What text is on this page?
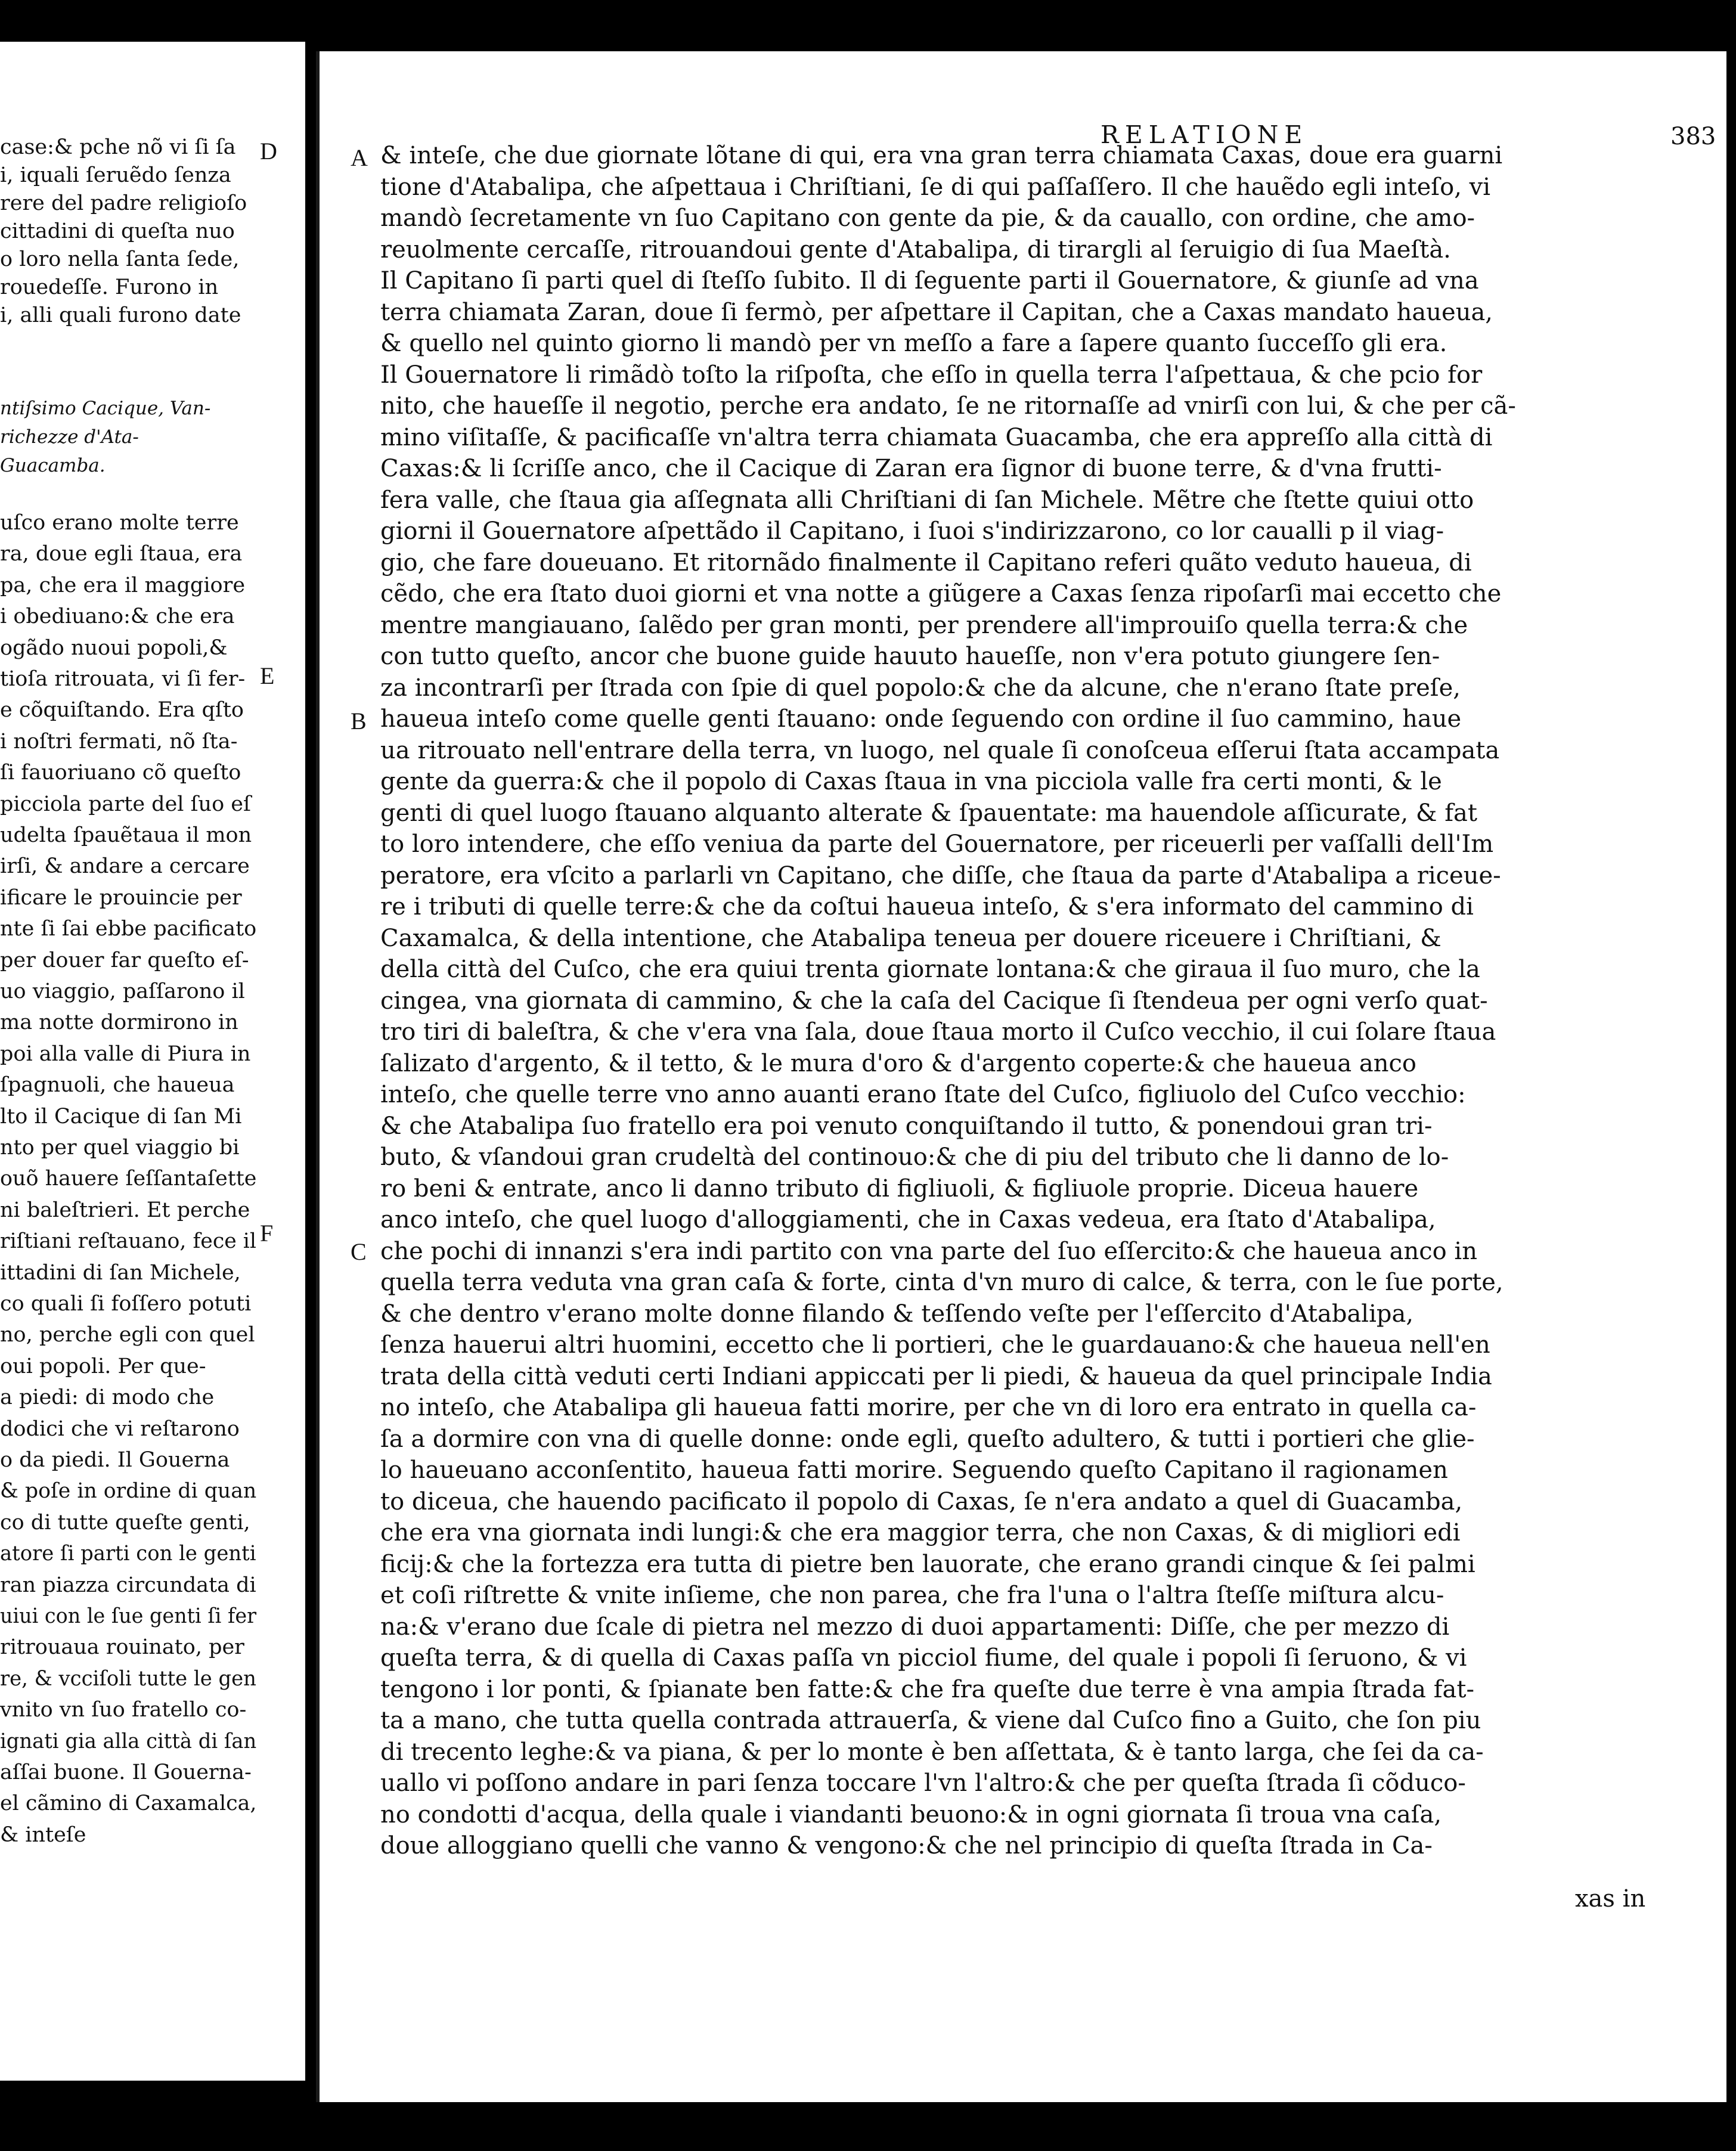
case:& pche nõ vi ſi ſa
i, iquali ſeruẽdo ſenza
rere del padre religioſo
cittadini di queſta nuo
o loro nella ſanta ſede,
rouedeſſe. Furono in
i, alli quali furono date
ntiſsimo Cacique, Van-
richezze d'Ata-
Guacamba.
uſco erano molte terre
ra, doue egli ſtaua, era
pa, che era il maggiore
i obediuano:& che era
ogãdo nuoui popoli,&
tioſa ritrouata, vi ſi fer-
e cõquiſtando. Era qſto
i noſtri fermati, nõ ſta-
ſi fauoriuano cõ queſto
picciola parte del ſuo eſ
udelta ſpauẽtaua il mon
irſi, & andare a cercare
ificare le prouincie per
nte ſi ſai ebbe pacificato
per douer far queſto eſ-
uo viaggio, paſſarono il
ma notte dormirono in
poi alla valle di Piura in
ſpagnuoli, che haueua
lto il Cacique di ſan Mi
nto per quel viaggio bi
ouõ hauere ſeſſantaſette
ni baleſtrieri. Et perche
riſtiani reſtauano, fece il
ittadini di ſan Michele,
co quali ſi foſſero potuti
no, perche egli con quel
oui popoli. Per que-
a piedi: di modo che
dodici che vi reſtarono
o da piedi. Il Gouerna
& poſe in ordine di quan
co di tutte queſte genti,
atore ſi parti con le genti
ran piazza circundata di
uiui con le ſue genti ſi fer
ritrouaua rouinato, per
re, & vcciſoli tutte le gen
vnito vn ſuo fratello co-
ignati gia alla città di ſan
aſſai buone. Il Gouerna-
el cãmino di Caxamalca,
& inteſe
D
E
F
RELATIONE	383
xas in
& inteſe, che due giornate lõtane di qui, era vna gran terra chiamata Caxas, doue era guarni
tione d'Atabalipa, che aſpettaua i Chriſtiani, ſe di qui paſſaſſero. Il che hauẽdo egli inteſo, vi
mandò ſecretamente vn ſuo Capitano con gente da pie, & da cauallo, con ordine, che amo-
reuolmente cercaſſe, ritrouandoui gente d'Atabalipa, di tirargli al ſeruigio di ſua Maeſtà.
Il Capitano ſi parti quel di ſteſſo ſubito. Il di ſeguente parti il Gouernatore, & giunſe ad vna
terra chiamata Zaran, doue ſi fermò, per aſpettare il Capitan, che a Caxas mandato haueua,
& quello nel quinto giorno li mandò per vn meſſo a fare a ſapere quanto ſucceſſo gli era.
Il Gouernatore li rimãdò toſto la riſpoſta, che eſſo in quella terra l'aſpettaua, & che pcio for
nito, che haueſſe il negotio, perche era andato, ſe ne ritornaſſe ad vnirſi con lui, & che per cã-
mino viſitaſſe, & pacificaſſe vn'altra terra chiamata Guacamba, che era appreſſo alla città di
Caxas:& li ſcriſſe anco, che il Cacique di Zaran era ſignor di buone terre, & d'vna frutti-
fera valle, che ſtaua gia aſſegnata alli Chriſtiani di ſan Michele. Mẽtre che ſtette quiui otto
giorni il Gouernatore aſpettãdo il Capitano, i ſuoi s'indirizzarono, co lor caualli p il viag-
gio, che fare doueuano. Et ritornãdo finalmente il Capitano referi quãto veduto haueua, di
cẽdo, che era ſtato duoi giorni et vna notte a giũgere a Caxas ſenza ripoſarſi mai eccetto che
mentre mangiauano, ſalẽdo per gran monti, per prendere all'improuiſo quella terra:& che
con tutto queſto, ancor che buone guide hauuto haueſſe, non v'era potuto giungere ſen-
za incontrarſi per ſtrada con ſpie di quel popolo:& che da alcune, che n'erano ſtate preſe,
haueua inteſo come quelle genti ſtauano: onde ſeguendo con ordine il ſuo cammino, haue
ua ritrouato nell'entrare della terra, vn luogo, nel quale ſi conoſceua eſſerui ſtata accampata
gente da guerra:& che il popolo di Caxas ſtaua in vna picciola valle fra certi monti, & le
genti di quel luogo ſtauano alquanto alterate & ſpauentate: ma hauendole aſſicurate, & fat
to loro intendere, che eſſo veniua da parte del Gouernatore, per riceuerli per vaſſalli dell'Im
peratore, era vſcito a parlarli vn Capitano, che diſſe, che ſtaua da parte d'Atabalipa a riceue-
re i tributi di quelle terre:& che da coſtui haueua inteſo, & s'era informato del cammino di
Caxamalca, & della intentione, che Atabalipa teneua per douere riceuere i Chriſtiani, &
della città del Cuſco, che era quiui trenta giornate lontana:& che giraua il ſuo muro, che la
cingea, vna giornata di cammino, & che la caſa del Cacique ſi ſtendeua per ogni verſo quat-
tro tiri di baleſtra, & che v'era vna ſala, doue ſtaua morto il Cuſco vecchio, il cui ſolare ſtaua
ſalizato d'argento, & il tetto, & le mura d'oro & d'argento coperte:& che haueua anco
inteſo, che quelle terre vno anno auanti erano ſtate del Cuſco, figliuolo del Cuſco vecchio:
& che Atabalipa ſuo fratello era poi venuto conquiſtando il tutto, & ponendoui gran tri-
buto, & vſandoui gran crudeltà del continouo:& che di piu del tributo che li danno de lo-
ro beni & entrate, anco li danno tributo di figliuoli, & figliuole proprie. Diceua hauere
anco inteſo, che quel luogo d'alloggiamenti, che in Caxas vedeua, era ſtato d'Atabalipa,
che pochi di innanzi s'era indi partito con vna parte del ſuo eſſercito:& che haueua anco in
quella terra veduta vna gran caſa & forte, cinta d'vn muro di calce, & terra, con le ſue porte,
& che dentro v'erano molte donne filando & teſſendo veſte per l'eſſercito d'Atabalipa,
ſenza hauerui altri huomini, eccetto che li portieri, che le guardauano:& che haueua nell'en
trata della città veduti certi Indiani appiccati per li piedi, & haueua da quel principale India
no inteſo, che Atabalipa gli haueua fatti morire, per che vn di loro era entrato in quella ca-
ſa a dormire con vna di quelle donne: onde egli, queſto adultero, & tutti i portieri che glie-
lo haueuano acconſentito, haueua fatti morire. Seguendo queſto Capitano il ragionamen
to diceua, che hauendo pacificato il popolo di Caxas, ſe n'era andato a quel di Guacamba,
che era vna giornata indi lungi:& che era maggior terra, che non Caxas, & di migliori edi
ficij:& che la fortezza era tutta di pietre ben lauorate, che erano grandi cinque & ſei palmi
et coſi riſtrette & vnite inſieme, che non parea, che fra l'una o l'altra ſteſſe miſtura alcu-
na:& v'erano due ſcale di pietra nel mezzo di duoi appartamenti: Diſſe, che per mezzo di
queſta terra, & di quella di Caxas paſſa vn picciol fiume, del quale i popoli ſi ſeruono, & vi
tengono i lor ponti, & ſpianate ben fatte:& che fra queſte due terre è vna ampia ſtrada fat-
ta a mano, che tutta quella contrada attrauerſa, & viene dal Cuſco fino a Guito, che ſon piu
di trecento leghe:& va piana, & per lo monte è ben aſſettata, & è tanto larga, che ſei da ca-
uallo vi poſſono andare in pari ſenza toccare l'vn l'altro:& che per queſta ſtrada ſi cõduco-
no condotti d'acqua, della quale i viandanti beuono:& in ogni giornata ſi troua vna caſa,
doue alloggiano quelli che vanno & vengono:& che nel principio di queſta ſtrada in Ca-
A
B
C
